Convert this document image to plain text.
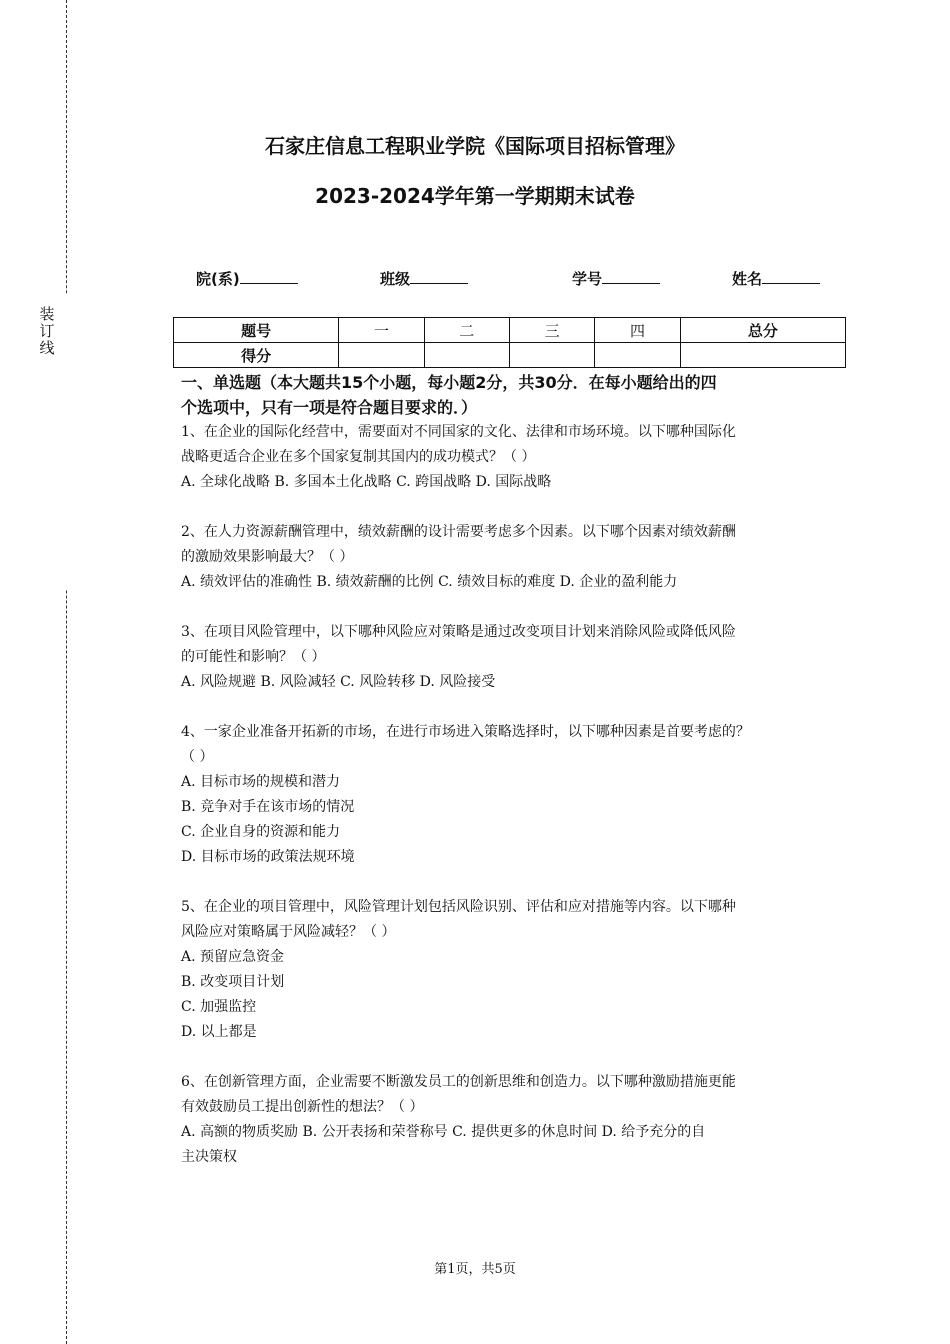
装订线
石家庄信息工程职业学院《国际项目招标管理》
2023-2024学年第一学期期末试卷
院(系)	班级	学号	姓名
题号	一	二	三	四	总分
得分					
一、单选题（本大题共15个小题，每小题2分，共30分．在每小题给出的四
个选项中，只有一项是符合题目要求的．）
1、在企业的国际化经营中，需要面对不同国家的文化、法律和市场环境。以下哪种国际化
战略更适合企业在多个国家复制其国内的成功模式？（ ）
A. 全球化战略 B. 多国本土化战略 C. 跨国战略 D. 国际战略
2、在人力资源薪酬管理中，绩效薪酬的设计需要考虑多个因素。以下哪个因素对绩效薪酬
的激励效果影响最大？（ ）
A. 绩效评估的准确性 B. 绩效薪酬的比例 C. 绩效目标的难度 D. 企业的盈利能力
3、在项目风险管理中，以下哪种风险应对策略是通过改变项目计划来消除风险或降低风险
的可能性和影响？（ ）
A. 风险规避 B. 风险减轻 C. 风险转移 D. 风险接受
4、一家企业准备开拓新的市场，在进行市场进入策略选择时，以下哪种因素是首要考虑的？
（ ）
A. 目标市场的规模和潜力
B. 竞争对手在该市场的情况
C. 企业自身的资源和能力
D. 目标市场的政策法规环境
5、在企业的项目管理中，风险管理计划包括风险识别、评估和应对措施等内容。以下哪种
风险应对策略属于风险减轻？（ ）
A. 预留应急资金
B. 改变项目计划
C. 加强监控
D. 以上都是
6、在创新管理方面，企业需要不断激发员工的创新思维和创造力。以下哪种激励措施更能
有效鼓励员工提出创新性的想法？（ ）
A. 高额的物质奖励 B. 公开表扬和荣誉称号 C. 提供更多的休息时间 D. 给予充分的自
主决策权
第1页，共5页
